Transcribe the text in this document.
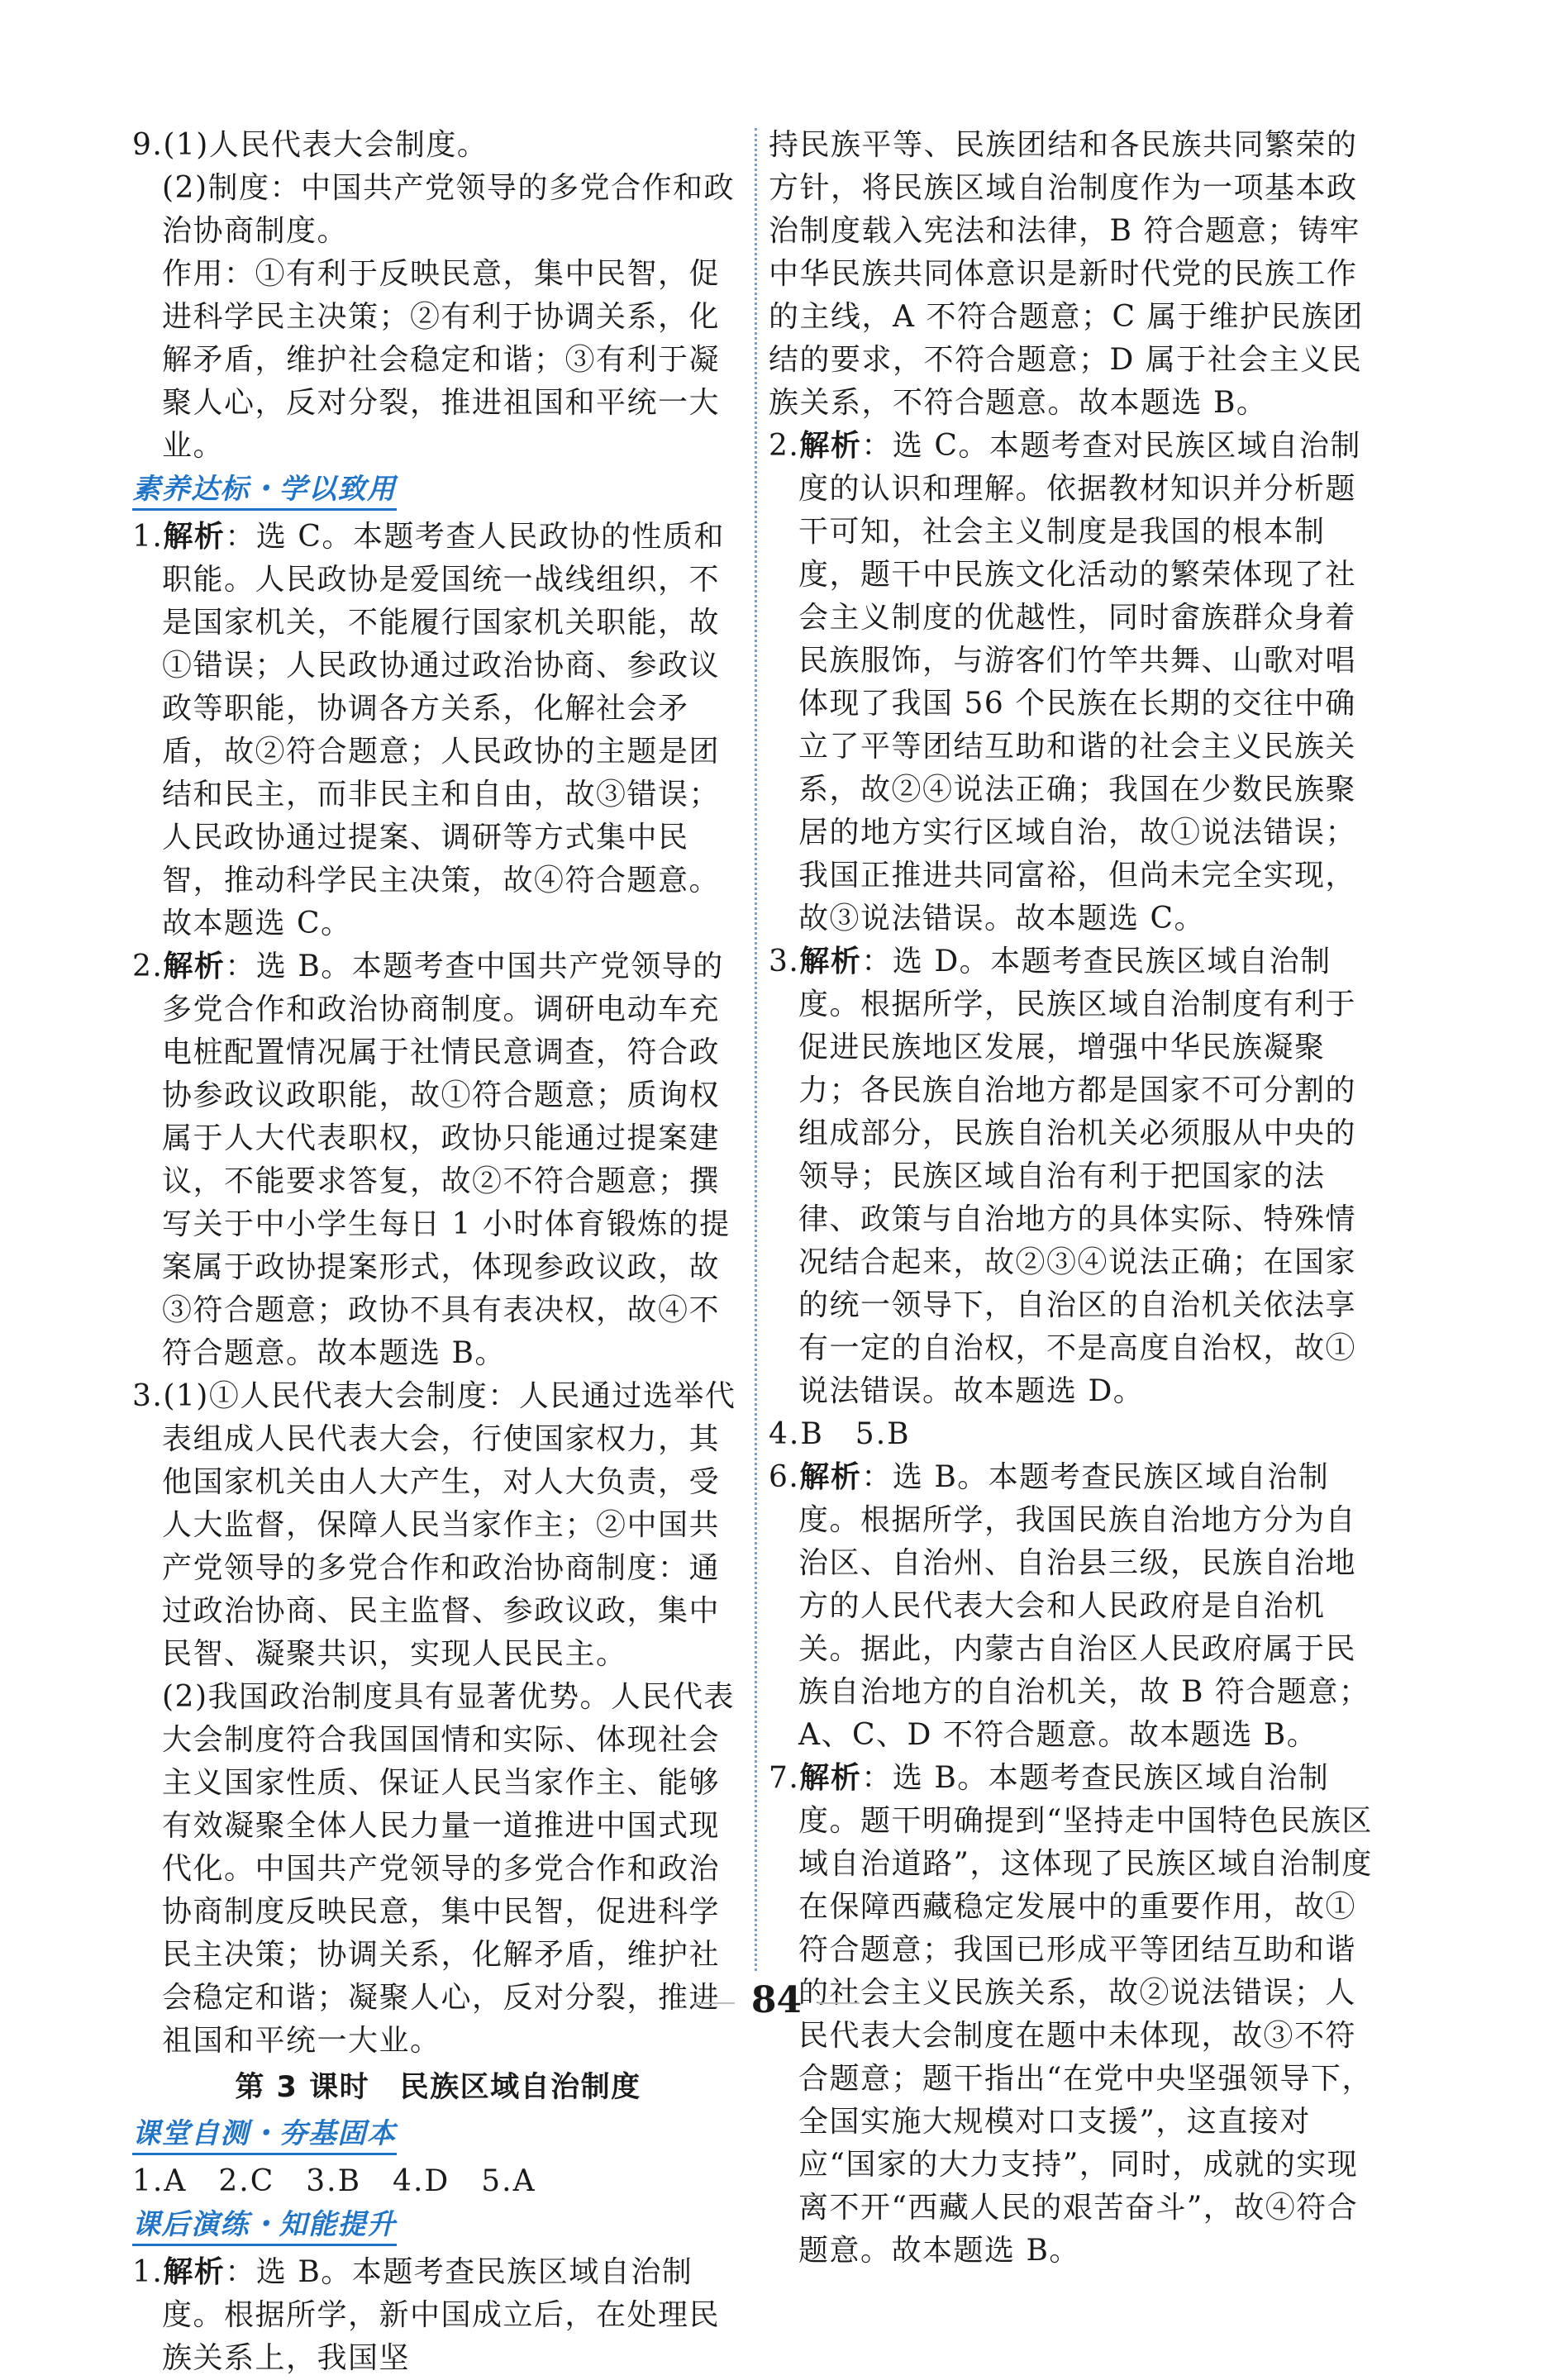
9.(1)人民代表大会制度。
(2)制度：中国共产党领导的多党合作和政治协商制度。
作用：①有利于反映民意，集中民智，促进科学民主决策；②有利于协调关系，化解矛盾，维护社会稳定和谐；③有利于凝聚人心，反对分裂，推进祖国和平统一大业。
素养达标・学以致用
1.解析：选 C。本题考查人民政协的性质和职能。人民政协是爱国统一战线组织，不是国家机关，不能履行国家机关职能，故①错误；人民政协通过政治协商、参政议政等职能，协调各方关系，化解社会矛盾，故②符合题意；人民政协的主题是团结和民主，而非民主和自由，故③错误；人民政协通过提案、调研等方式集中民智，推动科学民主决策，故④符合题意。故本题选 C。
2.解析：选 B。本题考查中国共产党领导的多党合作和政治协商制度。调研电动车充电桩配置情况属于社情民意调查，符合政协参政议政职能，故①符合题意；质询权属于人大代表职权，政协只能通过提案建议，不能要求答复，故②不符合题意；撰写关于中小学生每日 1 小时体育锻炼的提案属于政协提案形式，体现参政议政，故③符合题意；政协不具有表决权，故④不符合题意。故本题选 B。
3.(1)①人民代表大会制度：人民通过选举代表组成人民代表大会，行使国家权力，其他国家机关由人大产生，对人大负责，受人大监督，保障人民当家作主；②中国共产党领导的多党合作和政治协商制度：通过政治协商、民主监督、参政议政，集中民智、凝聚共识，实现人民民主。
(2)我国政治制度具有显著优势。人民代表大会制度符合我国国情和实际、体现社会主义国家性质、保证人民当家作主、能够有效凝聚全体人民力量一道推进中国式现代化。中国共产党领导的多党合作和政治协商制度反映民意，集中民智，促进科学民主决策；协调关系，化解矛盾，维护社会稳定和谐；凝聚人心，反对分裂，推进祖国和平统一大业。
第 3 课时　民族区域自治制度
课堂自测・夯基固本
1.A　2.C　3.B　4.D　5.A
课后演练・知能提升
1.解析：选 B。本题考查民族区域自治制度。根据所学，新中国成立后，在处理民族关系上，我国坚
持民族平等、民族团结和各民族共同繁荣的方针，将民族区域自治制度作为一项基本政治制度载入宪法和法律，B 符合题意；铸牢中华民族共同体意识是新时代党的民族工作的主线，A 不符合题意；C 属于维护民族团结的要求，不符合题意；D 属于社会主义民族关系，不符合题意。故本题选 B。
2.解析：选 C。本题考查对民族区域自治制度的认识和理解。依据教材知识并分析题干可知，社会主义制度是我国的根本制度，题干中民族文化活动的繁荣体现了社会主义制度的优越性，同时畲族群众身着民族服饰，与游客们竹竿共舞、山歌对唱体现了我国 56 个民族在长期的交往中确立了平等团结互助和谐的社会主义民族关系，故②④说法正确；我国在少数民族聚居的地方实行区域自治，故①说法错误；我国正推进共同富裕，但尚未完全实现，故③说法错误。故本题选 C。
3.解析：选 D。本题考查民族区域自治制度。根据所学，民族区域自治制度有利于促进民族地区发展，增强中华民族凝聚力；各民族自治地方都是国家不可分割的组成部分，民族自治机关必须服从中央的领导；民族区域自治有利于把国家的法律、政策与自治地方的具体实际、特殊情况结合起来，故②③④说法正确；在国家的统一领导下，自治区的自治机关依法享有一定的自治权，不是高度自治权，故①说法错误。故本题选 D。
4.B　5.B
6.解析：选 B。本题考查民族区域自治制度。根据所学，我国民族自治地方分为自治区、自治州、自治县三级，民族自治地方的人民代表大会和人民政府是自治机关。据此，内蒙古自治区人民政府属于民族自治地方的自治机关，故 B 符合题意；A、C、D 不符合题意。故本题选 B。
7.解析：选 B。本题考查民族区域自治制度。题干明确提到“坚持走中国特色民族区域自治道路”，这体现了民族区域自治制度在保障西藏稳定发展中的重要作用，故①符合题意；我国已形成平等团结互助和谐的社会主义民族关系，故②说法错误；人民代表大会制度在题中未体现，故③不符合题意；题干指出“在党中央坚强领导下，全国实施大规模对口支援”，这直接对应“国家的大力支持”，同时，成就的实现离不开“西藏人民的艰苦奋斗”，故④符合题意。故本题选 B。
84
